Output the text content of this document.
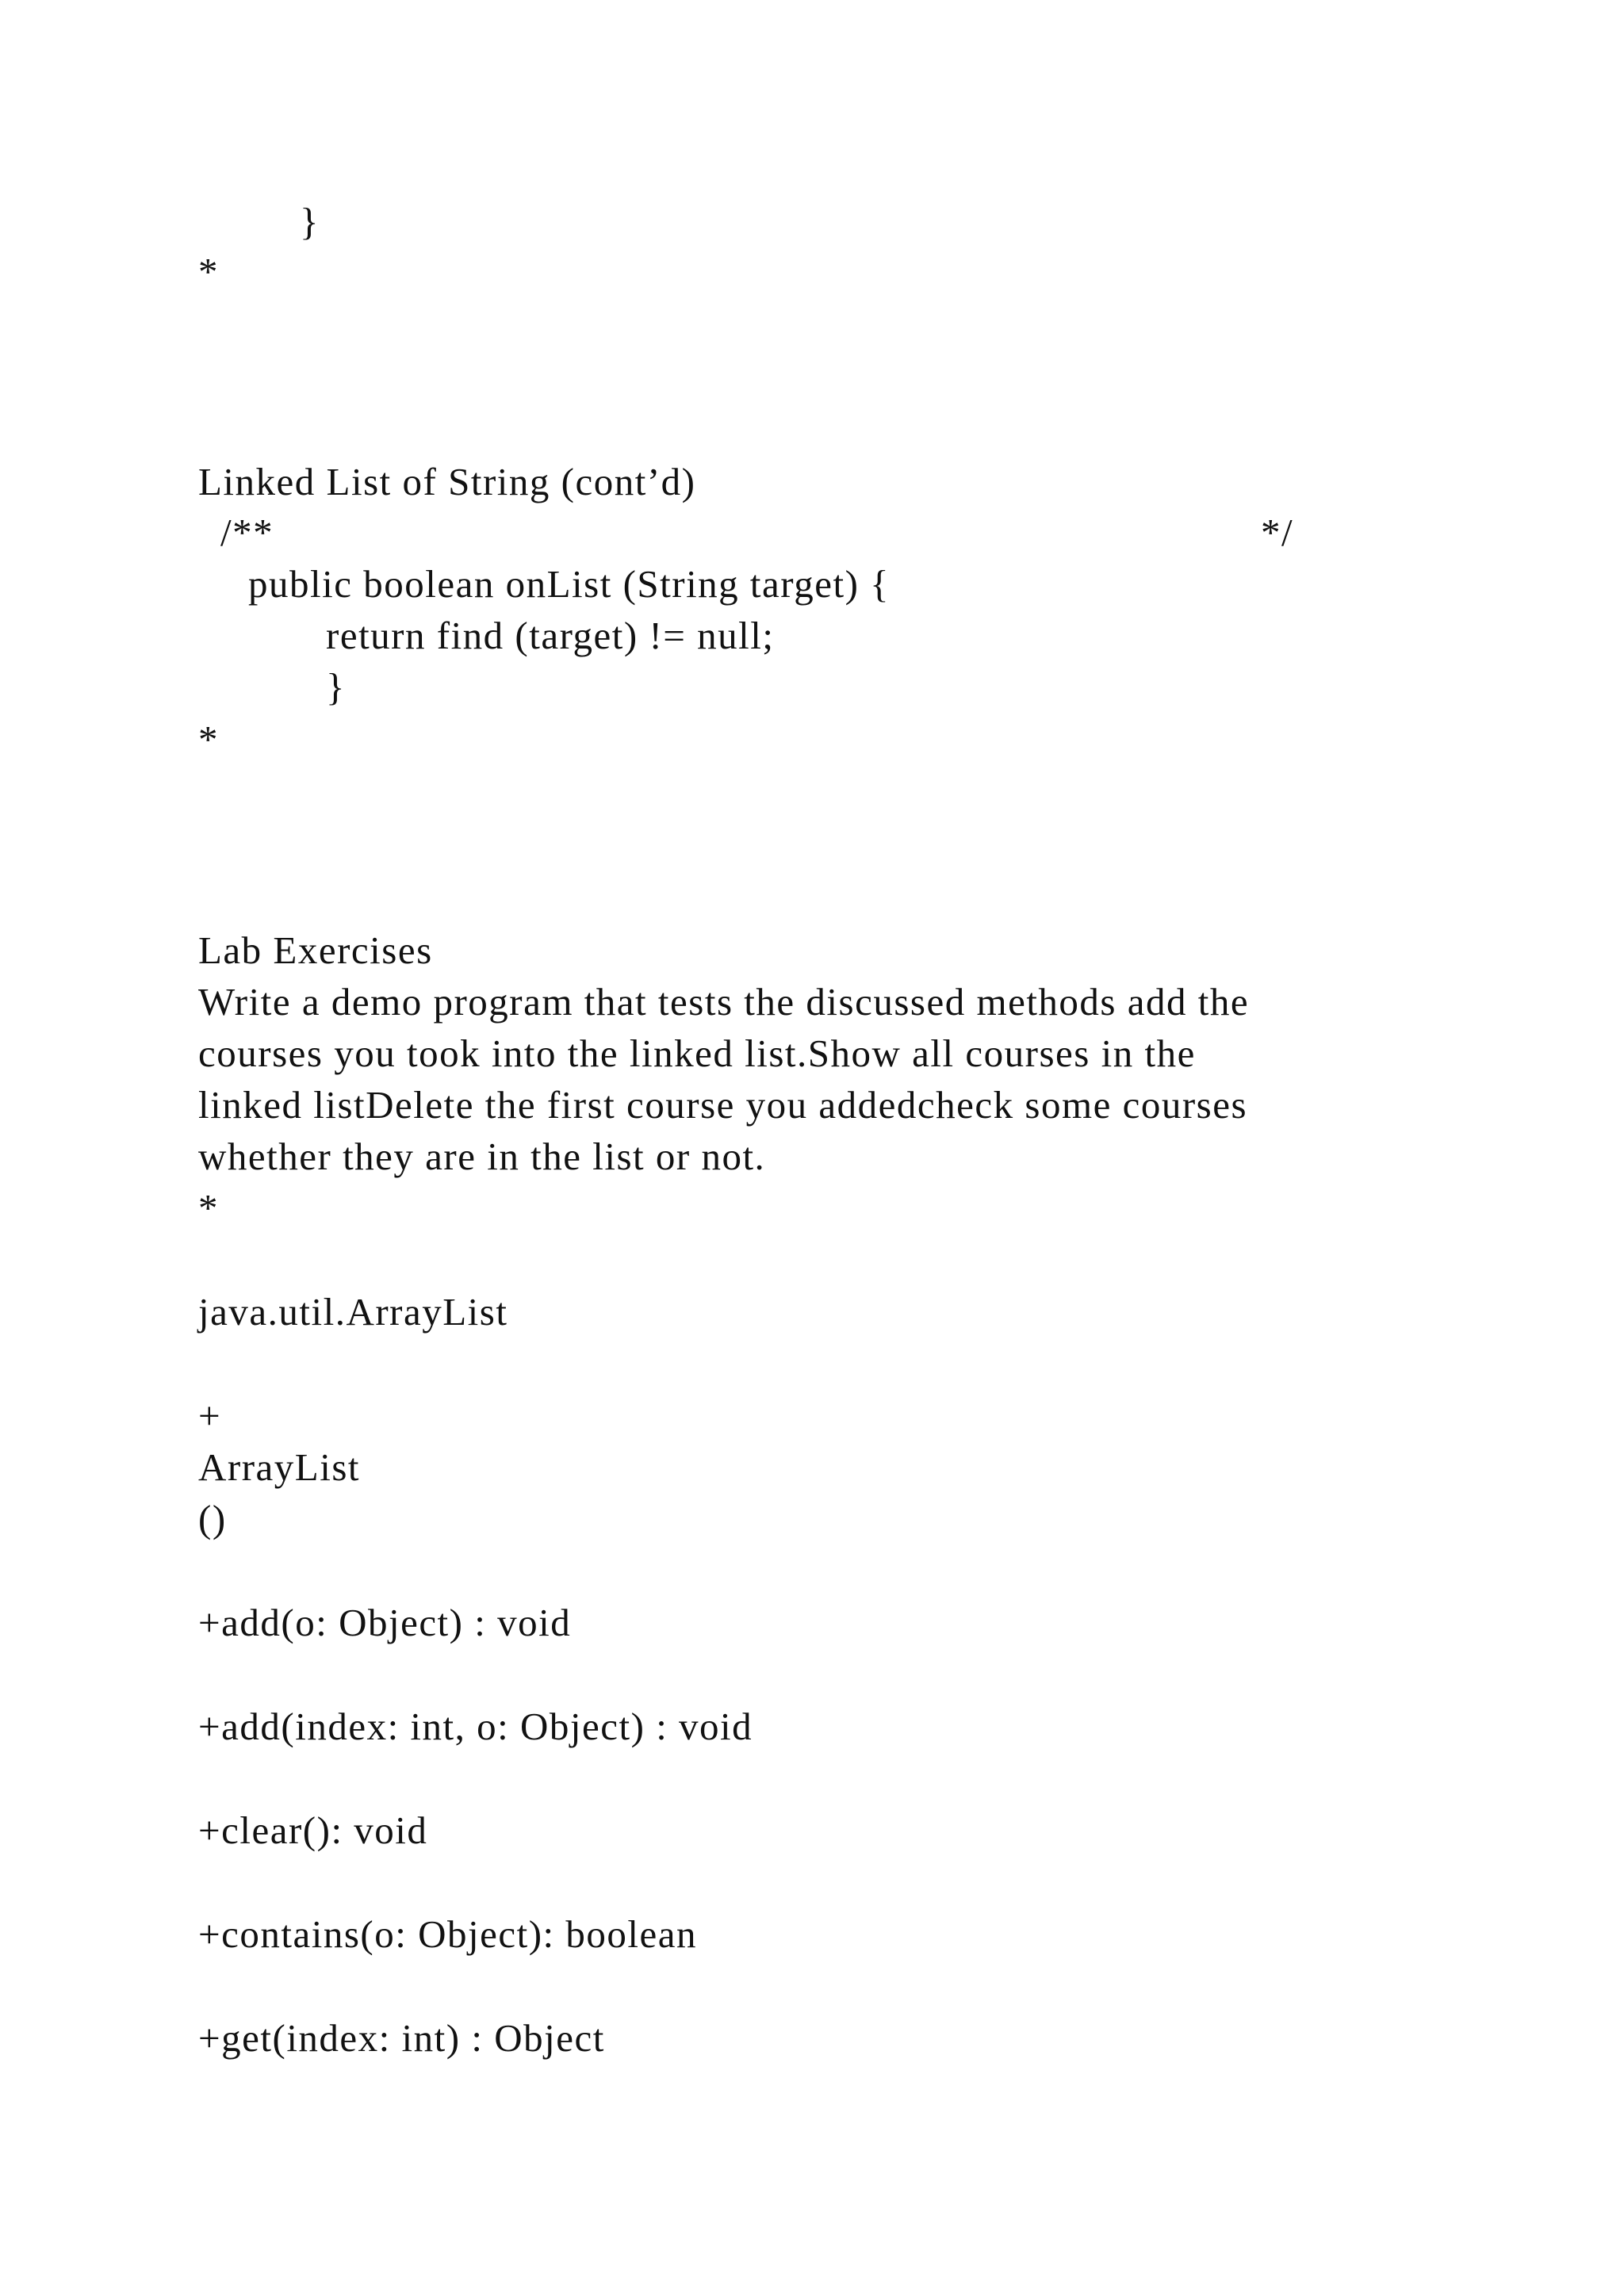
}
*
Linked List of String (cont’d)
/**	*/
public boolean onList (String target) {
return find (target) != null;
}
*
Lab Exercises
Write a demo program that tests the discussed methods add the
courses you took into the linked list.Show all courses in the
linked listDelete the first course you addedcheck some courses
whether they are in the list or not.
*
java.util.ArrayList
+
ArrayList
()
+add(o: Object) : void
+add(index: int, o: Object) : void
+clear(): void
+contains(o: Object): boolean
+get(index: int) : Object
